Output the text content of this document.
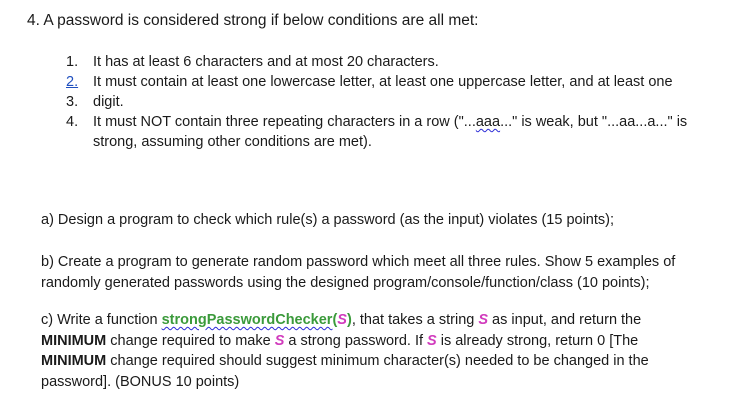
4. A password is considered strong if below conditions are all met:
1. It has at least 6 characters and at most 20 characters.
2. It must contain at least one lowercase letter, at least one uppercase letter, and at least one
3. digit.
4. It must NOT contain three repeating characters in a row ("...aaa..." is weak, but "...aa...a..." is
strong, assuming other conditions are met).
a) Design a program to check which rule(s) a password (as the input) violates (15 points);
b) Create a program to generate random password which meet all three rules. Show 5 examples of
randomly generated passwords using the designed program/console/function/class (10 points);
c) Write a function strongPasswordChecker(S), that takes a string S as input, and return the
MINIMUM change required to make S a strong password. If S is already strong, return 0 [The
MINIMUM change required should suggest minimum character(s) needed to be changed in the
password]. (BONUS 10 points)
